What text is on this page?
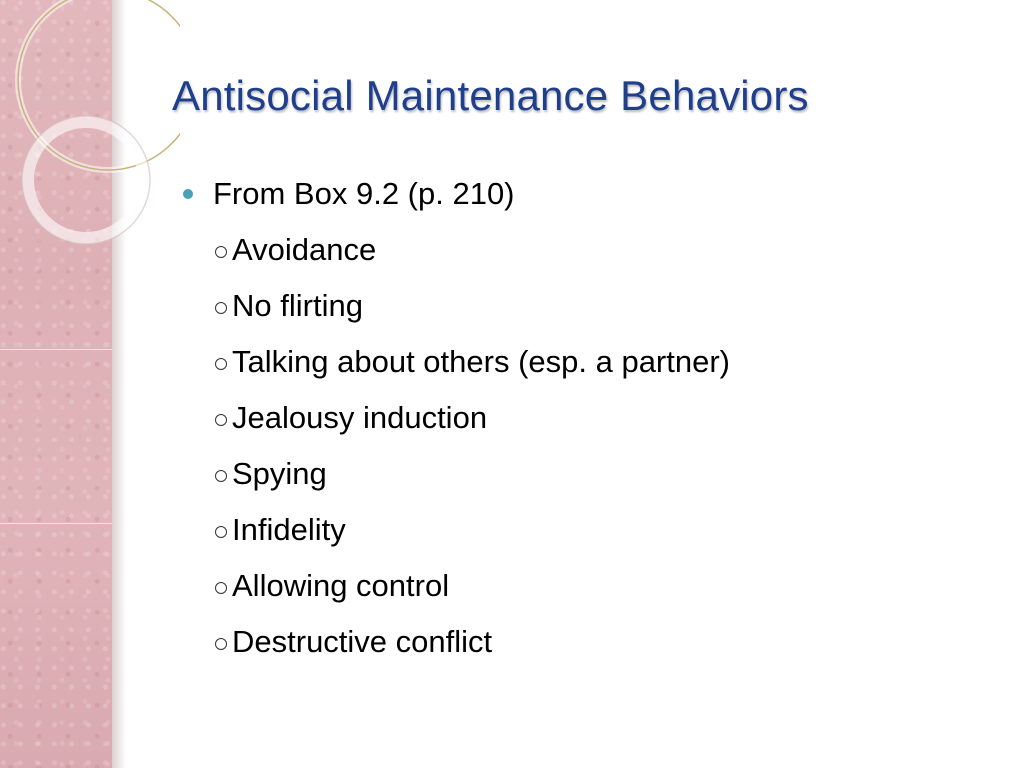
Antisocial Maintenance Behaviors
From Box 9.2 (p. 210)
Avoidance
No flirting
Talking about others (esp. a partner)
Jealousy induction
Spying
Infidelity
Allowing control
Destructive conflict
